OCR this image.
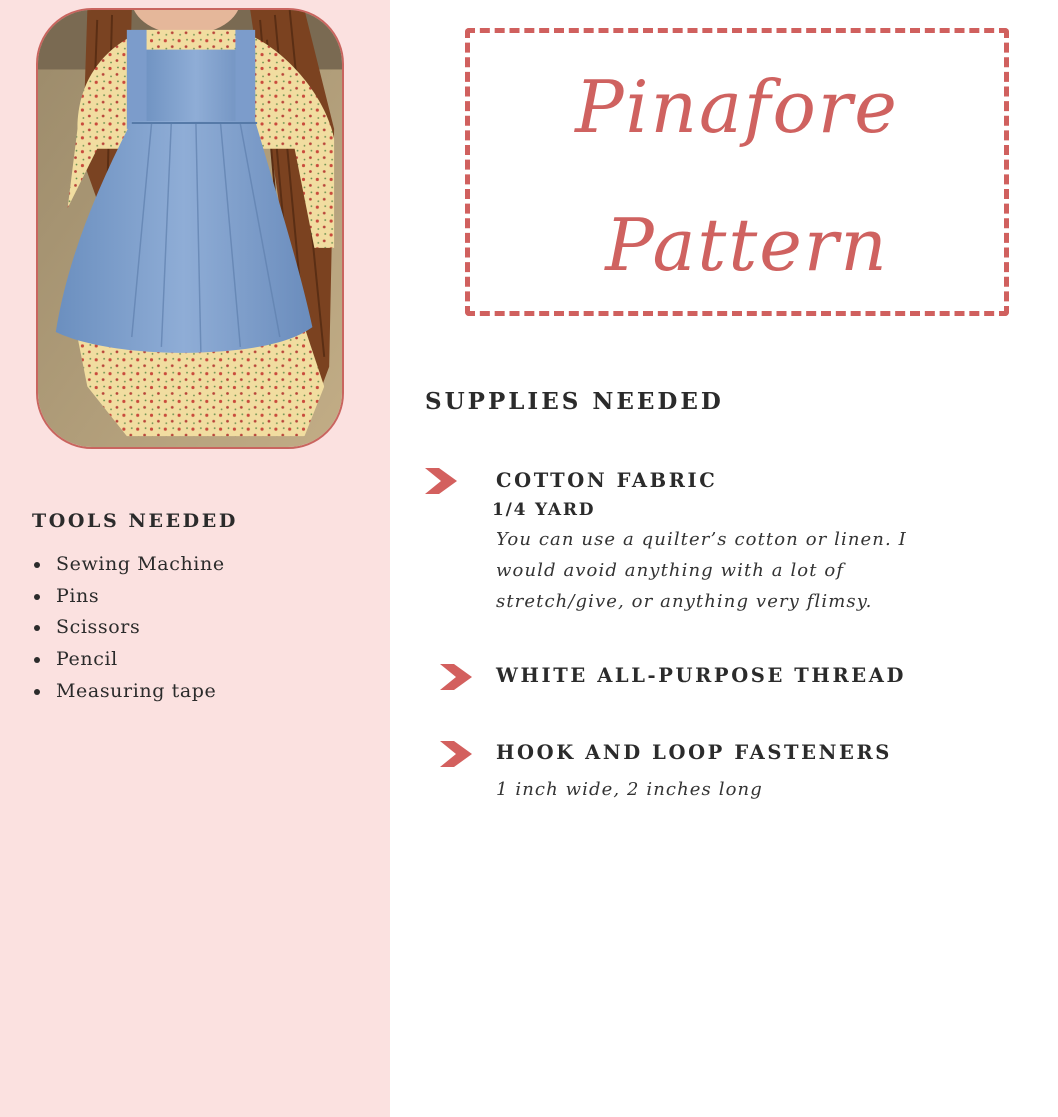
TOOLS NEEDED
Sewing Machine
Pins
Scissors
Pencil
Measuring tape
Pinafore
Pattern
SUPPLIES NEEDED
COTTON FABRIC
1/4 YARD
You can use a quilter’s cotton or linen. I
would avoid anything with a lot of
stretch/give, or anything very flimsy.
WHITE ALL-PURPOSE THREAD
HOOK AND LOOP FASTENERS
1 inch wide, 2 inches long
